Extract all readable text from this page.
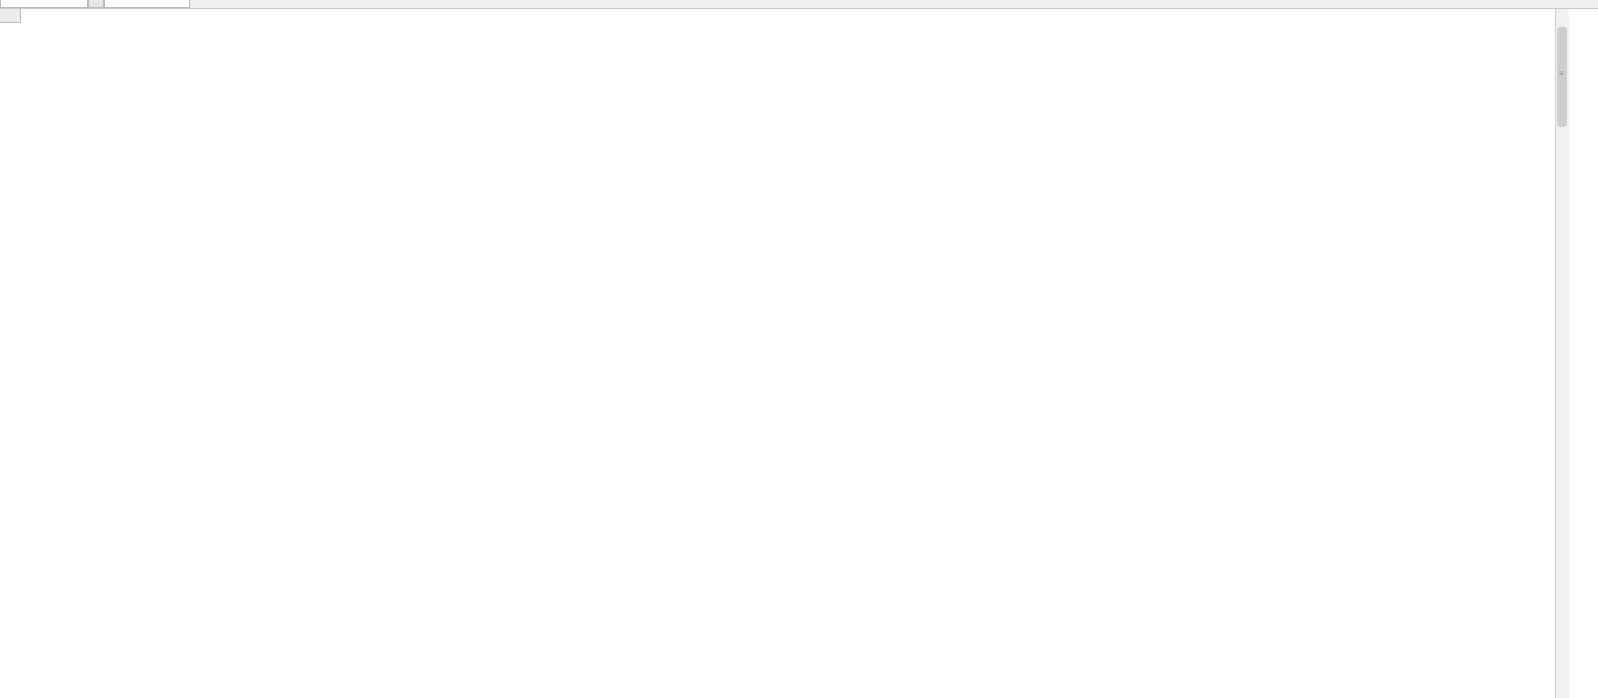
≡
